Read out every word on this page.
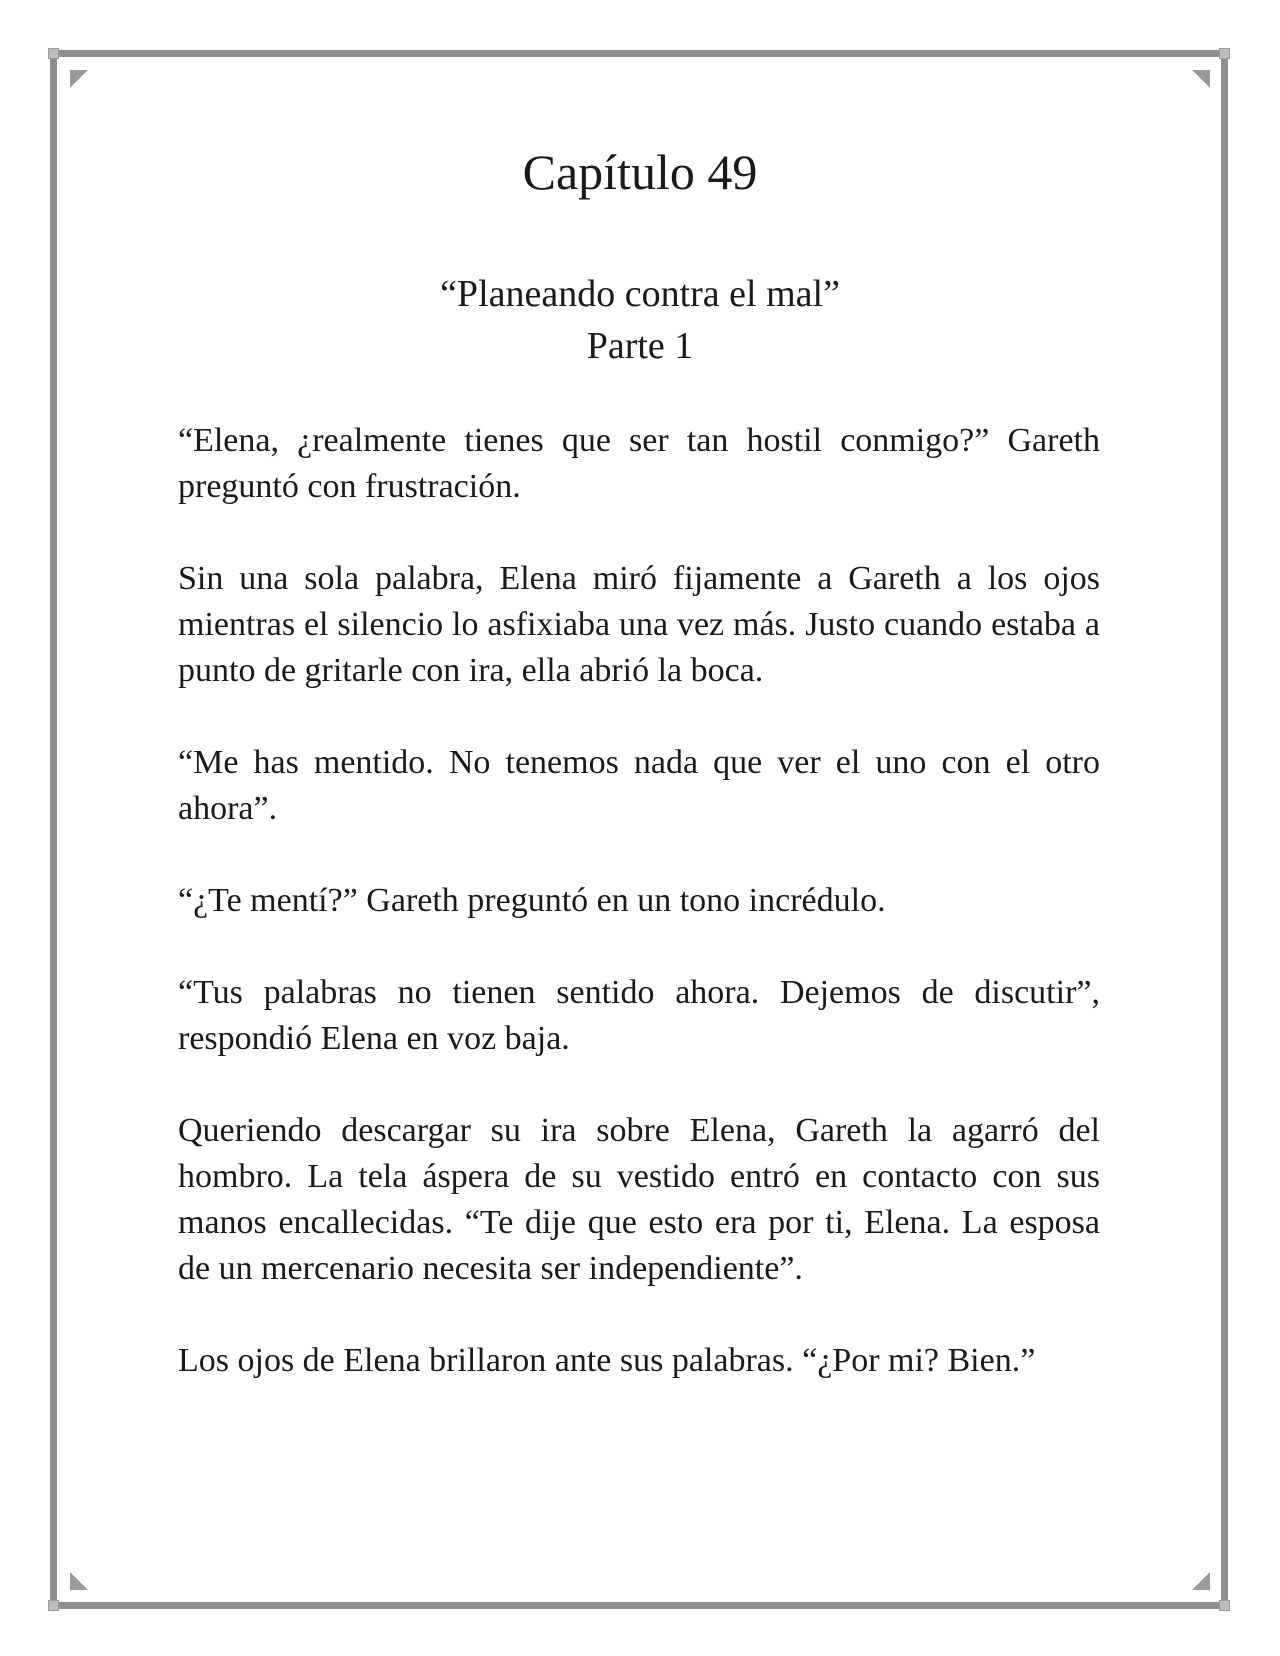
Capítulo 49
“Planeando contra el mal”
Parte 1

“Elena, ¿realmente tienes que ser tan hostil conmigo?” Gareth preguntó con frustración.

Sin una sola palabra, Elena miró fijamente a Gareth a los ojos mientras el silencio lo asfixiaba una vez más. Justo cuando estaba a punto de gritarle con ira, ella abrió la boca.

“Me has mentido. No tenemos nada que ver el uno con el otro ahora”.

“¿Te mentí?” Gareth preguntó en un tono incrédulo.

“Tus palabras no tienen sentido ahora. Dejemos de discutir”, respondió Elena en voz baja.

Queriendo descargar su ira sobre Elena, Gareth la agarró del hombro. La tela áspera de su vestido entró en contacto con sus manos encallecidas. “Te dije que esto era por ti, Elena. La esposa de un mercenario necesita ser independiente”.

Los ojos de Elena brillaron ante sus palabras. “¿Por mi? Bien.”
